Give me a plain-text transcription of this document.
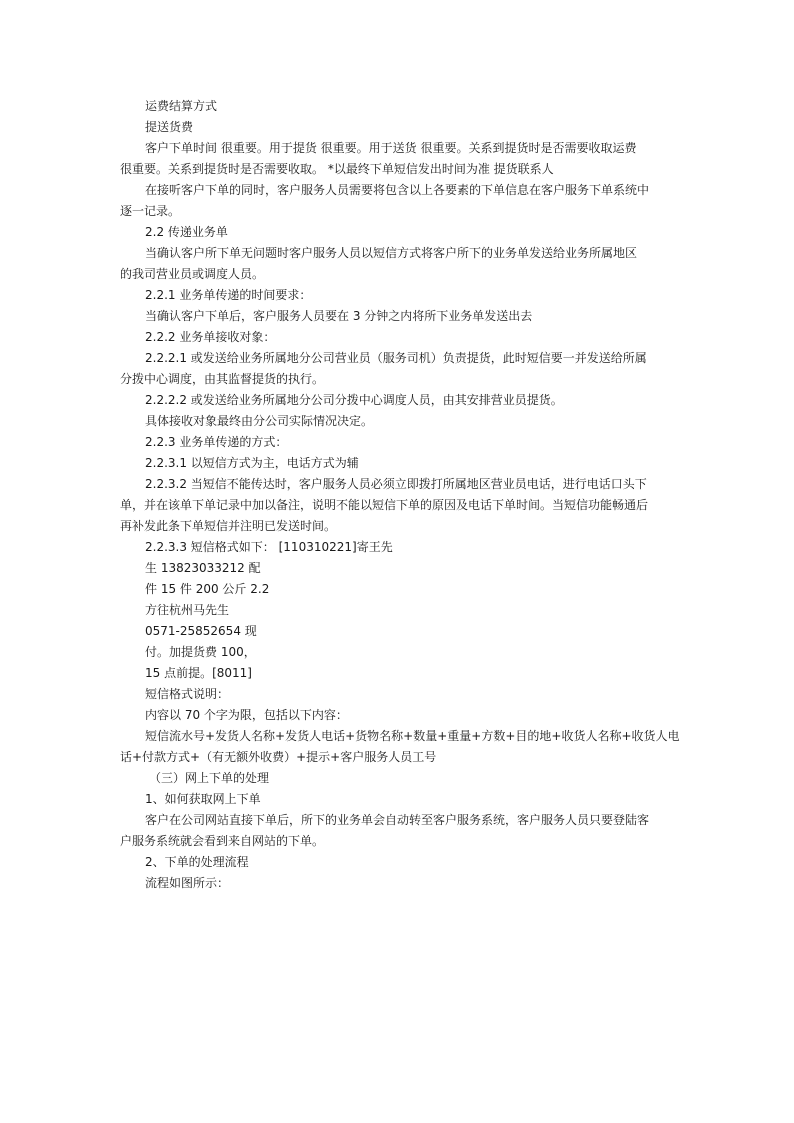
运费结算方式

提送货费

客户下单时间 很重要。用于提货 很重要。用于送货 很重要。关系到提货时是否需要收取运费

很重要。关系到提货时是否需要收取。 *以最终下单短信发出时间为准 提货联系人

在接听客户下单的同时，客户服务人员需要将包含以上各要素的下单信息在客户服务下单系统中

逐一记录。

2.2 传递业务单

当确认客户所下单无问题时客户服务人员以短信方式将客户所下的业务单发送给业务所属地区

的我司营业员或调度人员。

2.2.1 业务单传递的时间要求：

当确认客户下单后，客户服务人员要在 3 分钟之内将所下业务单发送出去

2.2.2 业务单接收对象：

2.2.2.1 或发送给业务所属地分公司营业员（服务司机）负责提货，此时短信要一并发送给所属

分拨中心调度，由其监督提货的执行。

2.2.2.2 或发送给业务所属地分公司分拨中心调度人员，由其安排营业员提货。

具体接收对象最终由分公司实际情况决定。

2.2.3 业务单传递的方式：

2.2.3.1 以短信方式为主，电话方式为辅

2.2.3.2 当短信不能传达时，客户服务人员必须立即拨打所属地区营业员电话，进行电话口头下

单，并在该单下单记录中加以备注，说明不能以短信下单的原因及电话下单时间。当短信功能畅通后

再补发此条下单短信并注明已发送时间。

2.2.3.3 短信格式如下： [110310221]寄王先

生 13823033212 配

件 15 件 200 公斤 2.2

方往杭州马先生

0571-25852654 现

付。加提货费 100，

15 点前提。[8011]

短信格式说明：

内容以 70 个字为限，包括以下内容：

短信流水号+发货人名称+发货人电话+货物名称+数量+重量+方数+目的地+收货人名称+收货人电

话+付款方式+（有无额外收费）+提示+客户服务人员工号

（三）网上下单的处理

1、如何获取网上下单

客户在公司网站直接下单后，所下的业务单会自动转至客户服务系统，客户服务人员只要登陆客

户服务系统就会看到来自网站的下单。

2、下单的处理流程

流程如图所示：
